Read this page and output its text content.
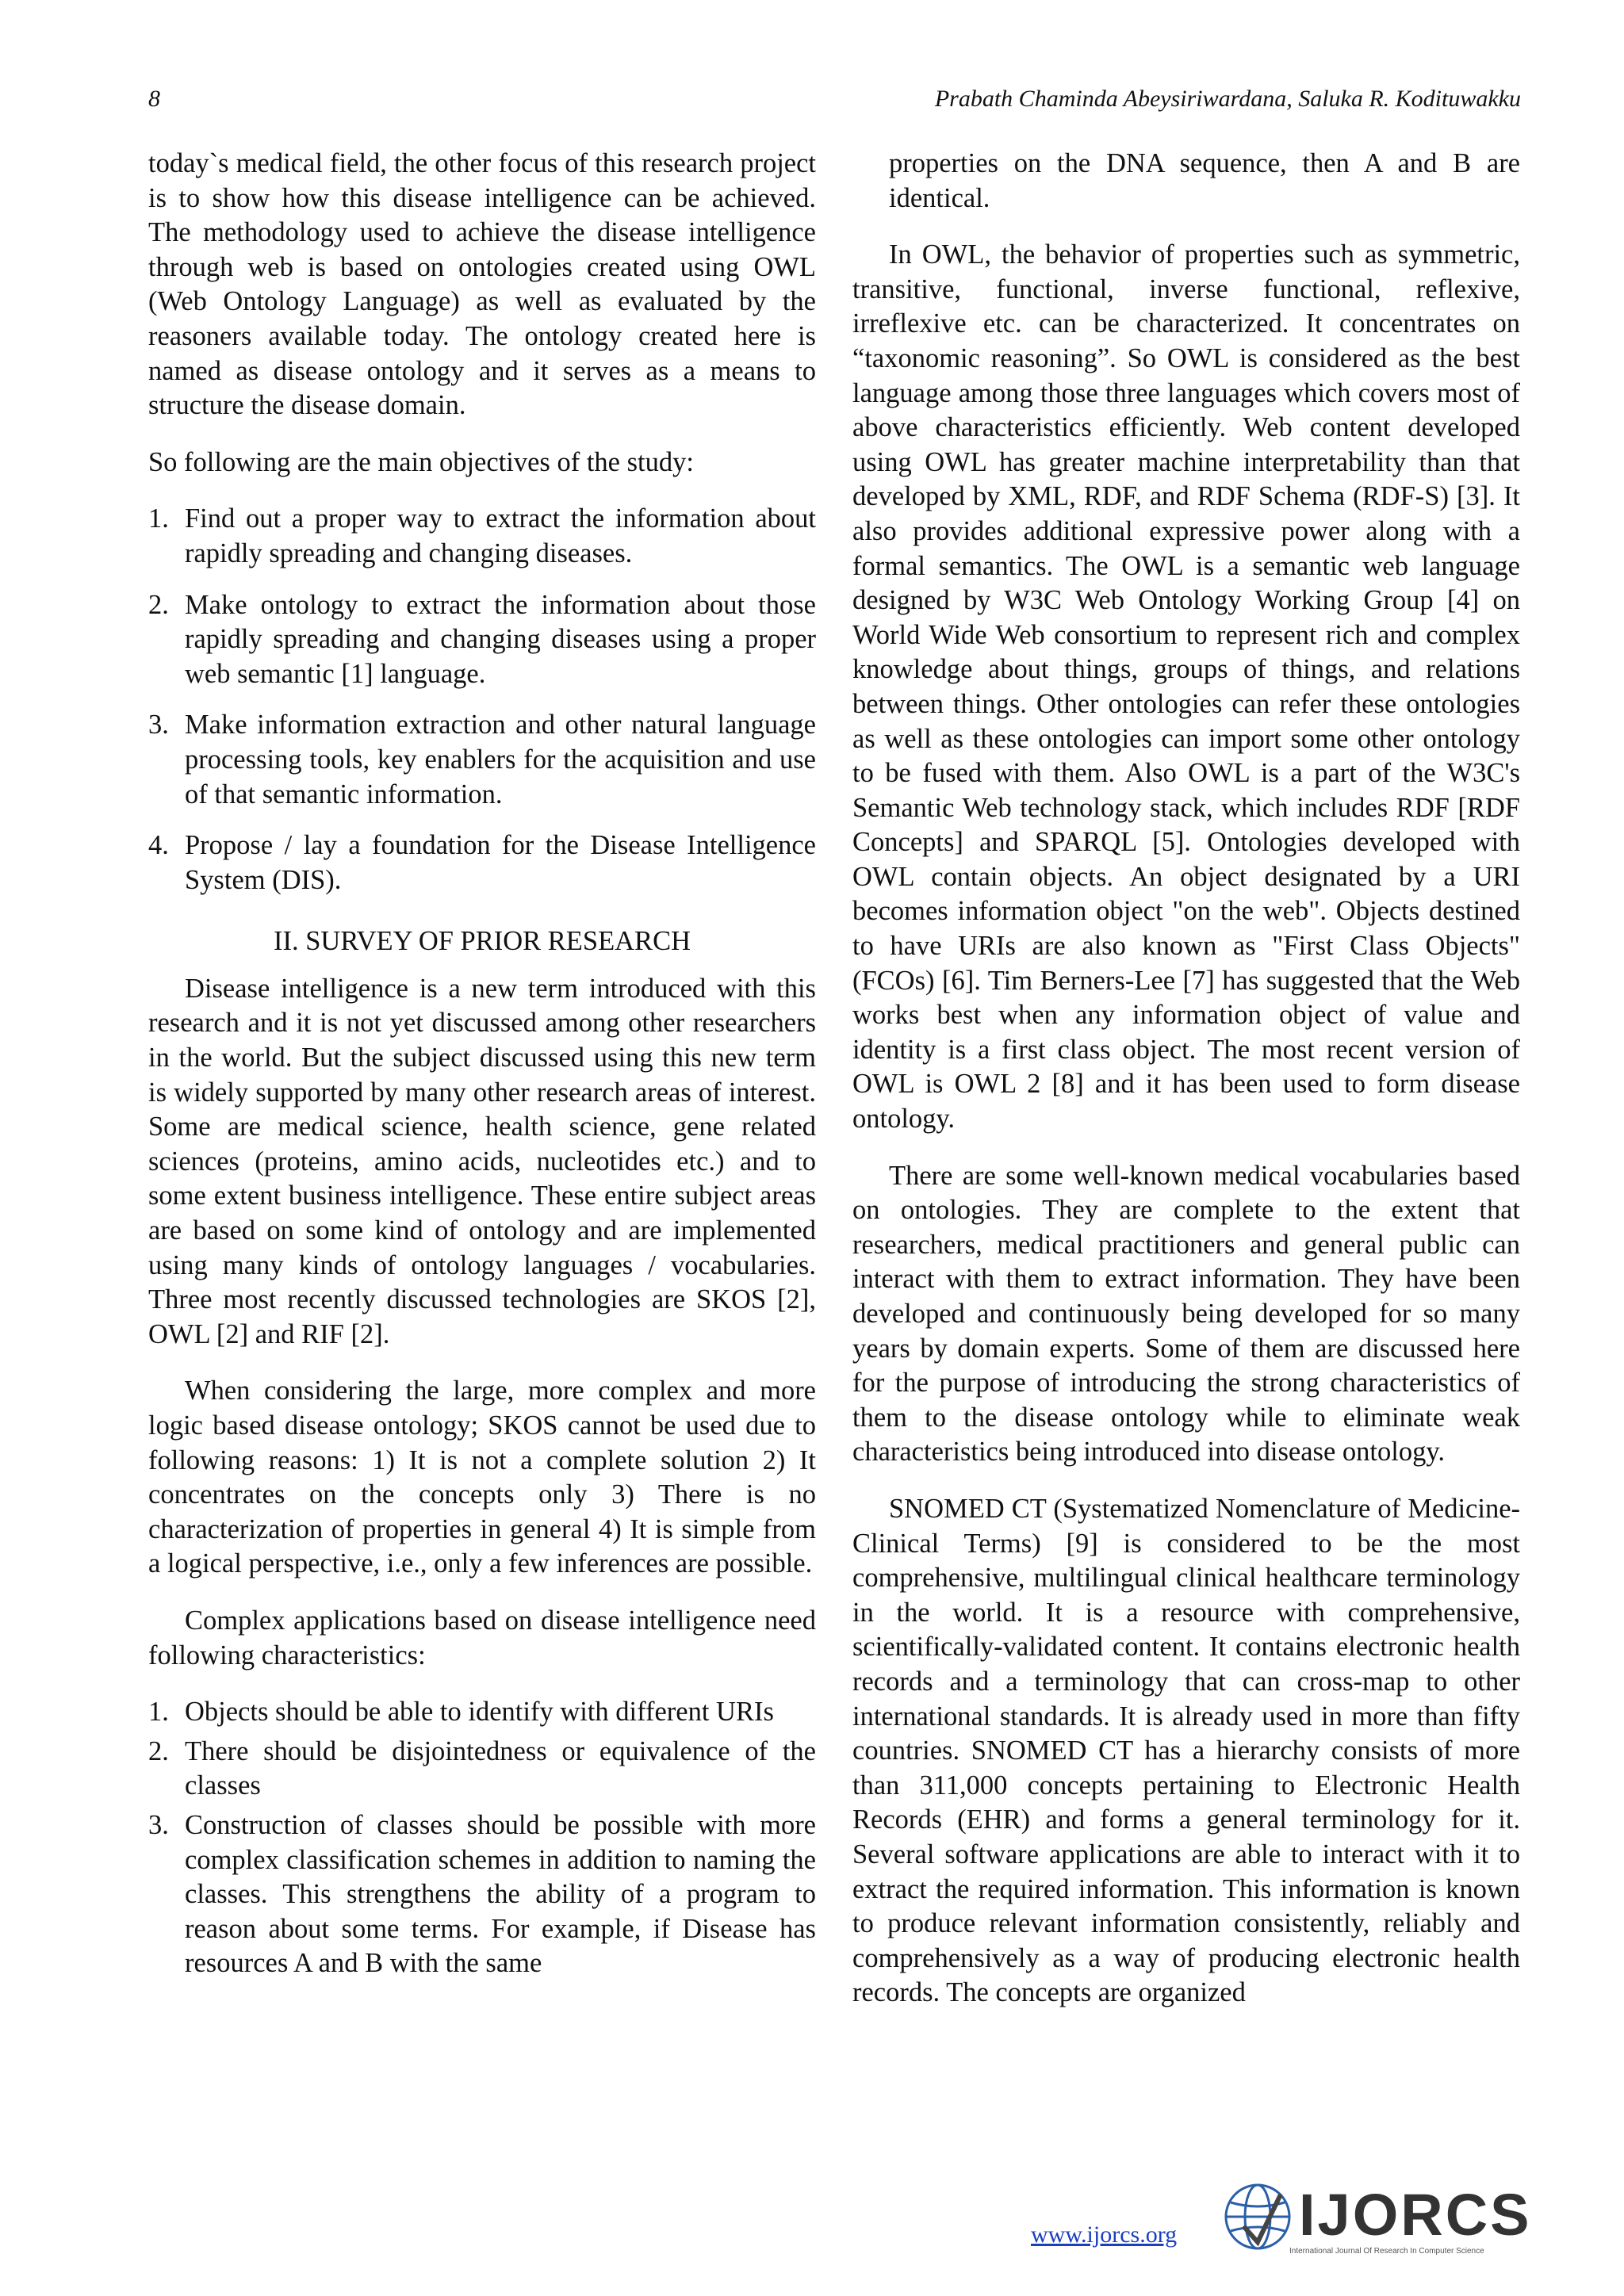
8	Prabath Chaminda Abeysiriwardana, Saluka R. Kodituwakku

today`s medical field, the other focus of this research project is to show how this disease intelligence can be achieved. The methodology used to achieve the disease intelligence through web is based on ontologies created using OWL (Web Ontology Language) as well as evaluated by the reasoners available today. The ontology created here is named as disease ontology and it serves as a means to structure the disease domain.

So following are the main objectives of the study:

1. Find out a proper way to extract the information about rapidly spreading and changing diseases.
2. Make ontology to extract the information about those rapidly spreading and changing diseases using a proper web semantic [1] language.
3. Make information extraction and other natural language processing tools, key enablers for the acquisition and use of that semantic information.
4. Propose / lay a foundation for the Disease Intelligence System (DIS).
II. SURVEY OF PRIOR RESEARCH

Disease intelligence is a new term introduced with this research and it is not yet discussed among other researchers in the world. But the subject discussed using this new term is widely supported by many other research areas of interest. Some are medical science, health science, gene related sciences (proteins, amino acids, nucleotides etc.) and to some extent business intelligence. These entire subject areas are based on some kind of ontology and are implemented using many kinds of ontology languages / vocabularies. Three most recently discussed technologies are SKOS [2], OWL [2] and RIF [2].

When considering the large, more complex and more logic based disease ontology; SKOS cannot be used due to following reasons: 1) It is not a complete solution 2) It concentrates on the concepts only 3) There is no characterization of properties in general 4) It is simple from a logical perspective, i.e., only a few inferences are possible.

Complex applications based on disease intelligence need following characteristics:

1. Objects should be able to identify with different URIs
2. There should be disjointedness or equivalence of the classes
3. Construction of classes should be possible with more complex classification schemes in addition to naming the classes. This strengthens the ability of a program to reason about some terms. For example, if Disease has resources A and B with the same

properties on the DNA sequence, then A and B are identical.

In OWL, the behavior of properties such as symmetric, transitive, functional, inverse functional, reflexive, irreflexive etc. can be characterized. It concentrates on “taxonomic reasoning”. So OWL is considered as the best language among those three languages which covers most of above characteristics efficiently. Web content developed using OWL has greater machine interpretability than that developed by XML, RDF, and RDF Schema (RDF-S) [3]. It also provides additional expressive power along with a formal semantics. The OWL is a semantic web language designed by W3C Web Ontology Working Group [4] on World Wide Web consortium to represent rich and complex knowledge about things, groups of things, and relations between things. Other ontologies can refer these ontologies as well as these ontologies can import some other ontology to be fused with them. Also OWL is a part of the W3C's Semantic Web technology stack, which includes RDF [RDF Concepts] and SPARQL [5]. Ontologies developed with OWL contain objects. An object designated by a URI becomes information object "on the web". Objects destined to have URIs are also known as "First Class Objects" (FCOs) [6]. Tim Berners-Lee [7] has suggested that the Web works best when any information object of value and identity is a first class object. The most recent version of OWL is OWL 2 [8] and it has been used to form disease ontology.

There are some well-known medical vocabularies based on ontologies. They are complete to the extent that researchers, medical practitioners and general public can interact with them to extract information. They have been developed and continuously being developed for so many years by domain experts. Some of them are discussed here for the purpose of introducing the strong characteristics of them to the disease ontology while to eliminate weak characteristics being introduced into disease ontology.

SNOMED CT (Systematized Nomenclature of Medicine-Clinical Terms) [9] is considered to be the most comprehensive, multilingual clinical healthcare terminology in the world. It is a resource with comprehensive, scientifically-validated content. It contains electronic health records and a terminology that can cross-map to other international standards. It is already used in more than fifty countries. SNOMED CT has a hierarchy consists of more than 311,000 concepts pertaining to Electronic Health Records (EHR) and forms a general terminology for it. Several software applications are able to interact with it to extract the required information. This information is known to produce relevant information consistently, reliably and comprehensively as a way of producing electronic health records. The concepts are organized

www.ijorcs.org IJORCS
International Journal Of Research In Computer Science
